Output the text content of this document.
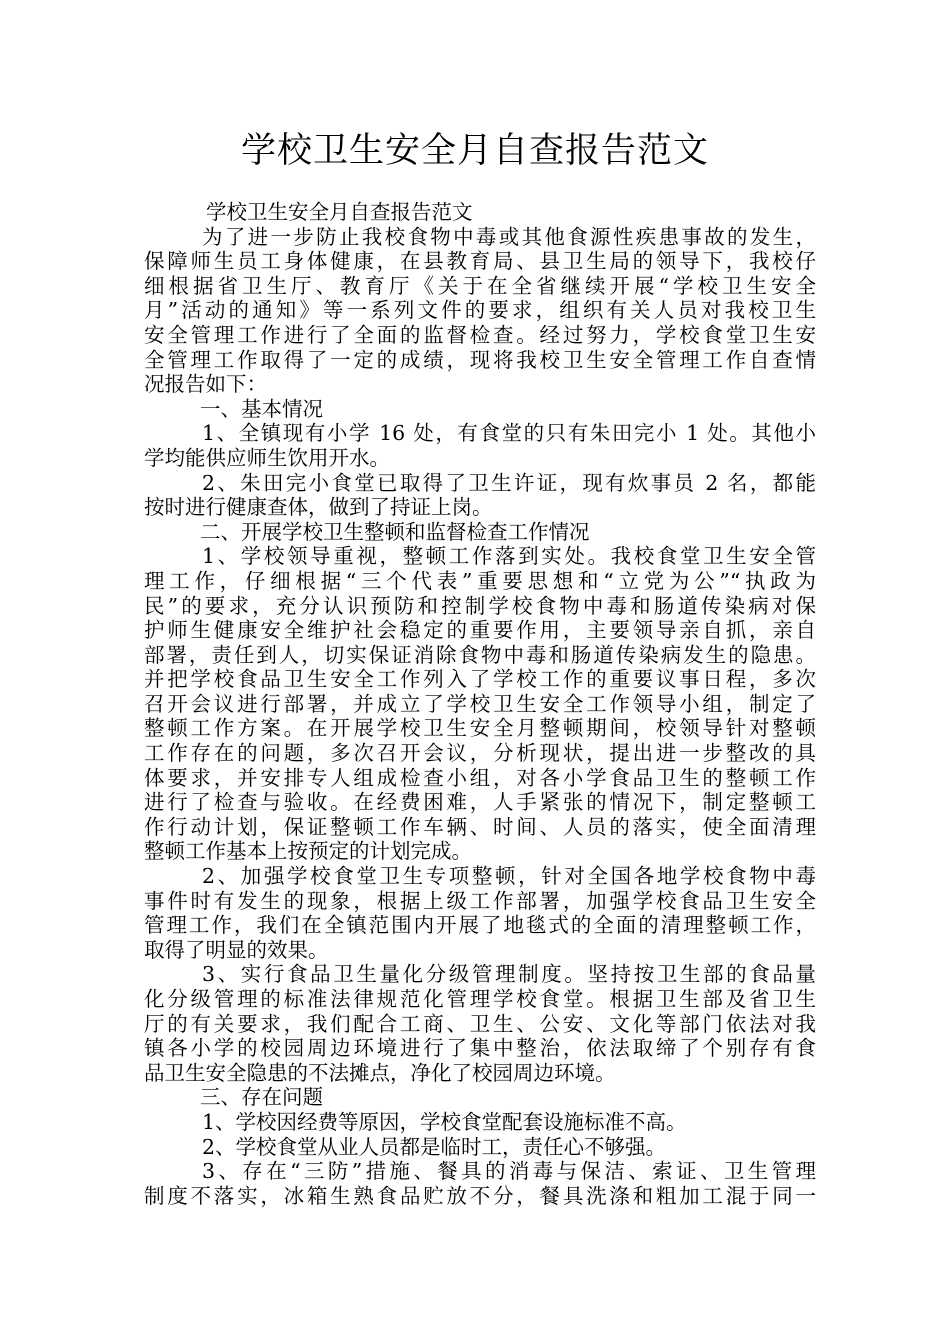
学校卫生安全月自查报告范文
学校卫生安全月自查报告范文
为了进一步防止我校食物中毒或其他食源性疾患事故的发生，
保障师生员工身体健康，在县教育局、县卫生局的领导下，我校仔
细根据省卫生厅、教育厅《关于在全省继续开展“学校卫生安全
月”活动的通知》等一系列文件的要求，组织有关人员对我校卫生
安全管理工作进行了全面的监督检查。经过努力，学校食堂卫生安
全管理工作取得了一定的成绩，现将我校卫生安全管理工作自查情
况报告如下：
一、基本情况
1、全镇现有小学 16 处，有食堂的只有朱田完小 1 处。其他小
学均能供应师生饮用开水。
2、朱田完小食堂已取得了卫生许证，现有炊事员 2 名，都能
按时进行健康查体，做到了持证上岗。
二、开展学校卫生整顿和监督检查工作情况
1、学校领导重视，整顿工作落到实处。我校食堂卫生安全管
理工作，仔细根据“三个代表”重要思想和“立党为公”“执政为
民”的要求，充分认识预防和控制学校食物中毒和肠道传染病对保
护师生健康安全维护社会稳定的重要作用，主要领导亲自抓，亲自
部署，责任到人，切实保证消除食物中毒和肠道传染病发生的隐患。
并把学校食品卫生安全工作列入了学校工作的重要议事日程，多次
召开会议进行部署，并成立了学校卫生安全工作领导小组，制定了
整顿工作方案。在开展学校卫生安全月整顿期间，校领导针对整顿
工作存在的问题，多次召开会议，分析现状，提出进一步整改的具
体要求，并安排专人组成检查小组，对各小学食品卫生的整顿工作
进行了检查与验收。在经费困难，人手紧张的情况下，制定整顿工
作行动计划，保证整顿工作车辆、时间、人员的落实，使全面清理
整顿工作基本上按预定的计划完成。
2、加强学校食堂卫生专项整顿，针对全国各地学校食物中毒
事件时有发生的现象，根据上级工作部署，加强学校食品卫生安全
管理工作，我们在全镇范围内开展了地毯式的全面的清理整顿工作，
取得了明显的效果。
3、实行食品卫生量化分级管理制度。坚持按卫生部的食品量
化分级管理的标准法律规范化管理学校食堂。根据卫生部及省卫生
厅的有关要求，我们配合工商、卫生、公安、文化等部门依法对我
镇各小学的校园周边环境进行了集中整治，依法取缔了个别存有食
品卫生安全隐患的不法摊点，净化了校园周边环境。
三、存在问题
1、学校因经费等原因，学校食堂配套设施标准不高。
2、学校食堂从业人员都是临时工，责任心不够强。
3、存在“三防”措施、餐具的消毒与保洁、索证、卫生管理
制度不落实，冰箱生熟食品贮放不分，餐具洗涤和粗加工混于同一
